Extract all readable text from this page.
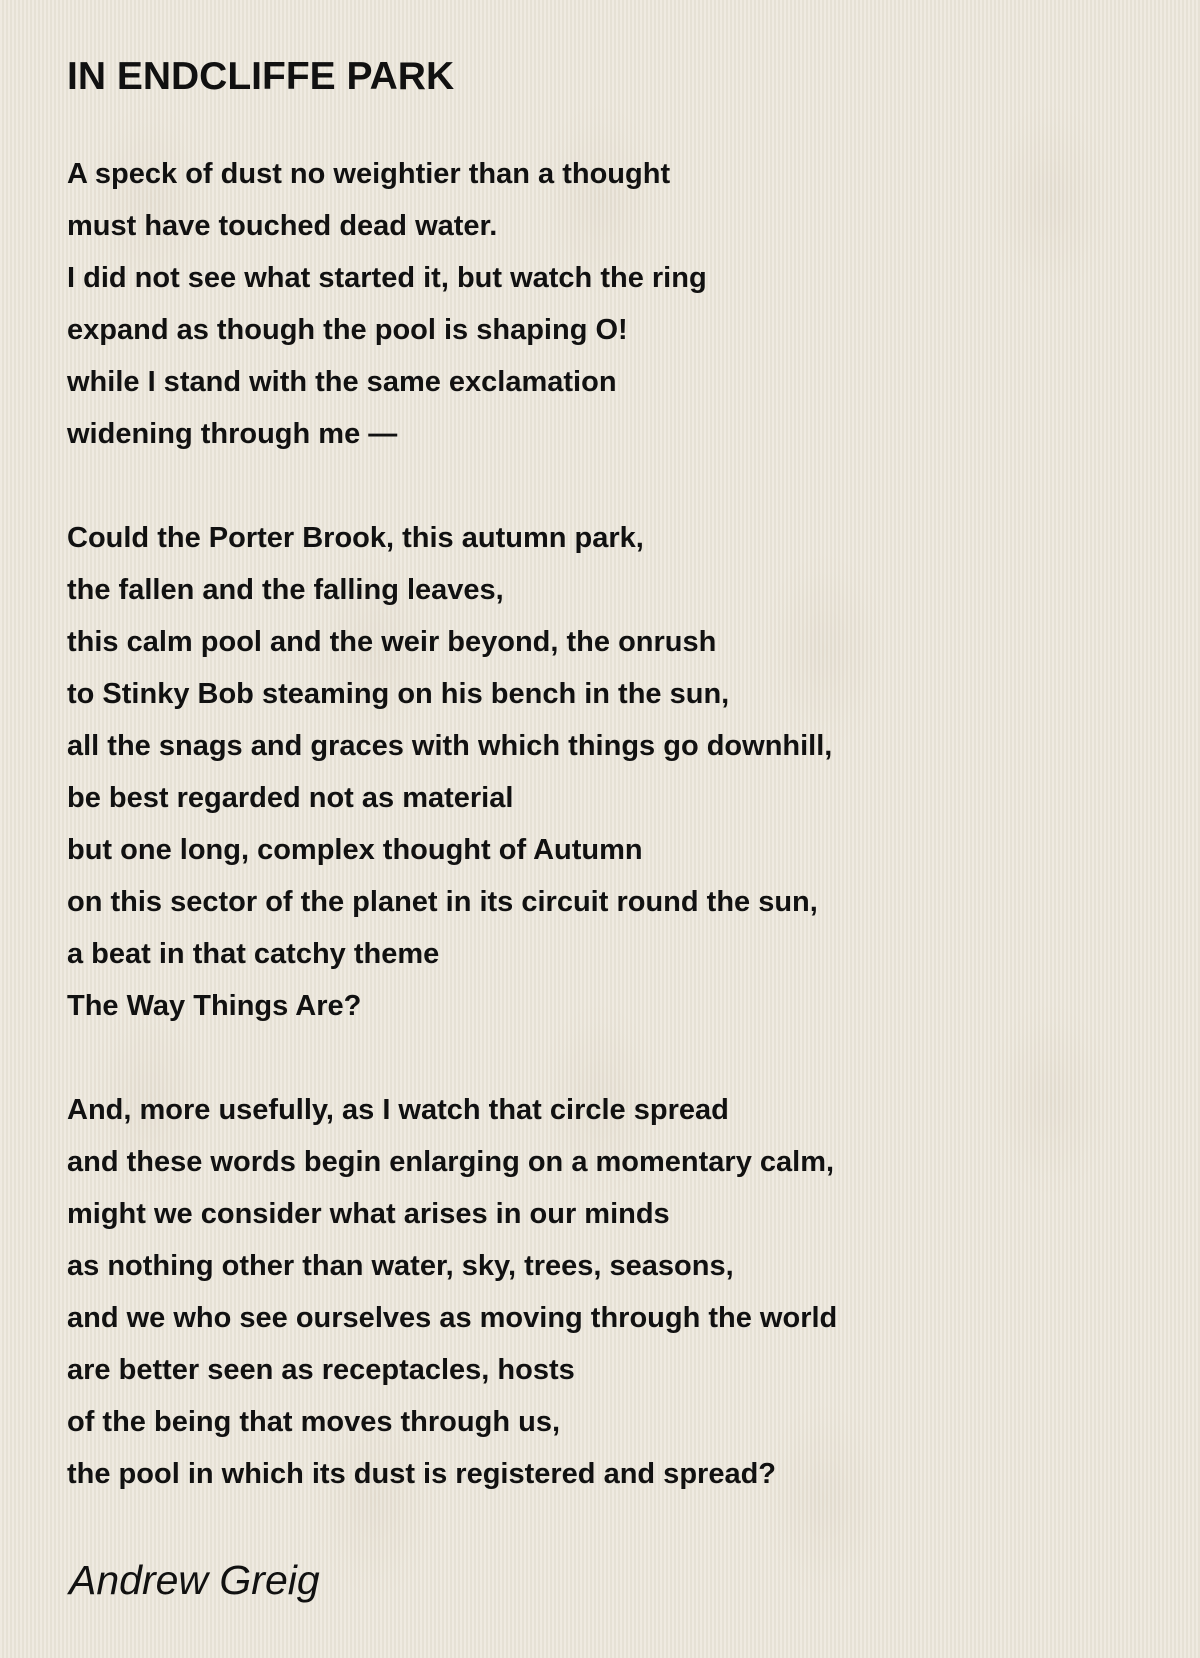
IN ENDCLIFFE PARK
A speck of dust no weightier than a thought
must have touched dead water.
I did not see what started it, but watch the ring
expand as though the pool is shaping O!
while I stand with the same exclamation
widening through me —
Could the Porter Brook, this autumn park,
the fallen and the falling leaves,
this calm pool and the weir beyond, the onrush
to Stinky Bob steaming on his bench in the sun,
all the snags and graces with which things go downhill,
be best regarded not as material
but one long, complex thought of Autumn
on this sector of the planet in its circuit round the sun,
a beat in that catchy theme
The Way Things Are?
And, more usefully, as I watch that circle spread
and these words begin enlarging on a momentary calm,
might we consider what arises in our minds
as nothing other than water, sky, trees, seasons,
and we who see ourselves as moving through the world
are better seen as receptacles, hosts
of the being that moves through us,
the pool in which its dust is registered and spread?
Andrew Greig
